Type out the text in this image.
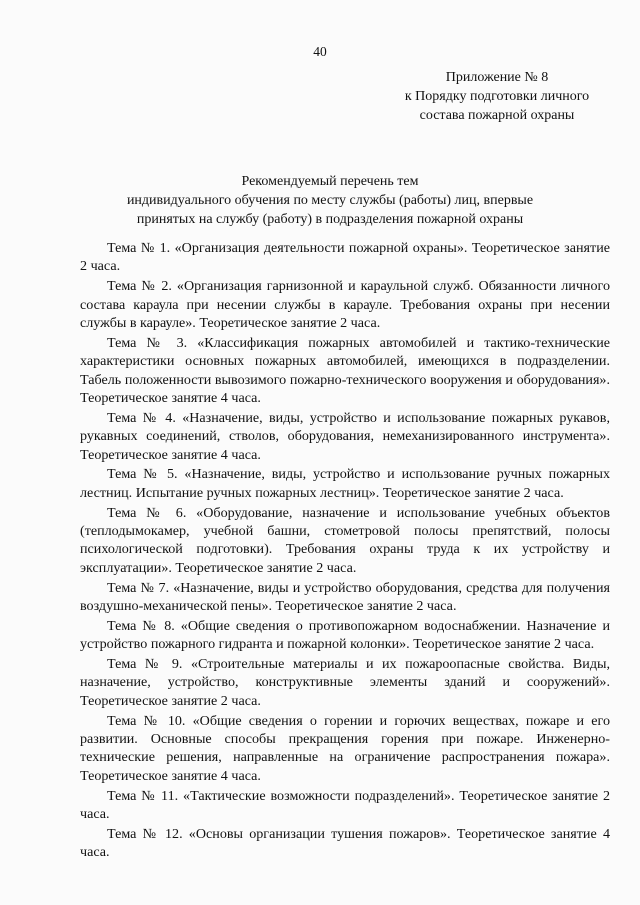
40
Приложение № 8
к Порядку подготовки личного
состава пожарной охраны
Рекомендуемый перечень тем
индивидуального обучения по месту службы (работы) лиц, впервые
принятых на службу (работу) в подразделения пожарной охраны

Тема № 1. «Организация деятельности пожарной охраны». Теоретическое занятие 2 часа.

Тема № 2. «Организация гарнизонной и караульной служб. Обязанности личного состава караула при несении службы в карауле. Требования охраны при несении службы в карауле». Теоретическое занятие 2 часа.

Тема № 3. «Классификация пожарных автомобилей и тактико-технические характеристики основных пожарных автомобилей, имеющихся в подразделении. Табель положенности вывозимого пожарно-технического вооружения и оборудования». Теоретическое занятие 4 часа.

Тема № 4. «Назначение, виды, устройство и использование пожарных рукавов, рукавных соединений, стволов, оборудования, немеханизированного инструмента». Теоретическое занятие 4 часа.

Тема № 5. «Назначение, виды, устройство и использование ручных пожарных лестниц. Испытание ручных пожарных лестниц». Теоретическое занятие 2 часа.

Тема № 6. «Оборудование, назначение и использование учебных объектов (теплодымокамер, учебной башни, стометровой полосы препятствий, полосы психологической подготовки). Требования охраны труда к их устройству и эксплуатации». Теоретическое занятие 2 часа.

Тема № 7. «Назначение, виды и устройство оборудования, средства для получения воздушно-механической пены». Теоретическое занятие 2 часа.

Тема № 8. «Общие сведения о противопожарном водоснабжении. Назначение и устройство пожарного гидранта и пожарной колонки». Теоретическое занятие 2 часа.

Тема № 9. «Строительные материалы и их пожароопасные свойства. Виды, назначение, устройство, конструктивные элементы зданий и сооружений». Теоретическое занятие 2 часа.

Тема № 10. «Общие сведения о горении и горючих веществах, пожаре и его развитии. Основные способы прекращения горения при пожаре. Инженерно-технические решения, направленные на ограничение распространения пожара». Теоретическое занятие 4 часа.

Тема № 11. «Тактические возможности подразделений». Теоретическое занятие 2 часа.

Тема № 12. «Основы организации тушения пожаров». Теоретическое занятие 4 часа.
